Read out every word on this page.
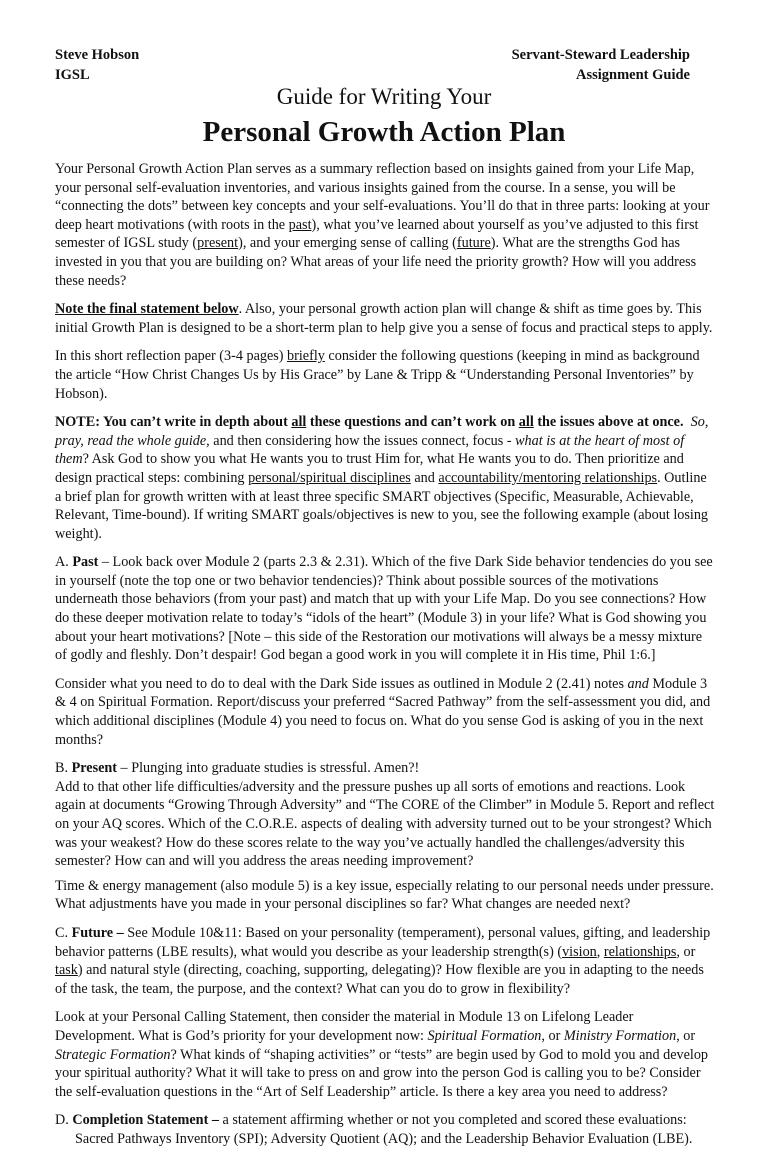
Steve Hobson
IGSL
Servant-Steward Leadership
Assignment Guide
Guide for Writing Your
Personal Growth Action Plan

Your Personal Growth Action Plan serves as a summary reflection based on insights gained from your Life Map, your personal self-evaluation inventories, and various insights gained from the course. In a sense, you will be “connecting the dots” between key concepts and your self-evaluations. You’ll do that in three parts: looking at your deep heart motivations (with roots in the past), what you’ve learned about yourself as you’ve adjusted to this first semester of IGSL study (present), and your emerging sense of calling (future). What are the strengths God has invested in you that you are building on? What areas of your life need the priority growth? How will you address these needs?

Note the final statement below. Also, your personal growth action plan will change & shift as time goes by. This initial Growth Plan is designed to be a short-term plan to help give you a sense of focus and practical steps to apply.

In this short reflection paper (3-4 pages) briefly consider the following questions (keeping in mind as background the article “How Christ Changes Us by His Grace” by Lane & Tripp & “Understanding Personal Inventories” by Hobson).

NOTE: You can’t write in depth about all these questions and can’t work on all the issues above at once. So, pray, read the whole guide, and then considering how the issues connect, focus - what is at the heart of most of them? Ask God to show you what He wants you to trust Him for, what He wants you to do. Then prioritize and design practical steps: combining personal/spiritual disciplines and accountability/mentoring relationships. Outline a brief plan for growth written with at least three specific SMART objectives (Specific, Measurable, Achievable, Relevant, Time-bound). If writing SMART goals/objectives is new to you, see the following example (about losing weight).

A. Past – Look back over Module 2 (parts 2.3 & 2.31). Which of the five Dark Side behavior tendencies do you see in yourself (note the top one or two behavior tendencies)? Think about possible sources of the motivations underneath those behaviors (from your past) and match that up with your Life Map. Do you see connections? How do these deeper motivation relate to today’s “idols of the heart” (Module 3) in your life? What is God showing you about your heart motivations? [Note – this side of the Restoration our motivations will always be a messy mixture of godly and fleshly. Don’t despair! God began a good work in you will complete it in His time, Phil 1:6.]

Consider what you need to do to deal with the Dark Side issues as outlined in Module 2 (2.41) notes and Module 3 & 4 on Spiritual Formation. Report/discuss your preferred “Sacred Pathway” from the self-assessment you did, and which additional disciplines (Module 4) you need to focus on. What do you sense God is asking of you in the next months?

B. Present – Plunging into graduate studies is stressful. Amen?!
Add to that other life difficulties/adversity and the pressure pushes up all sorts of emotions and reactions. Look again at documents “Growing Through Adversity” and “The CORE of the Climber” in Module 5. Report and reflect on your AQ scores. Which of the C.O.R.E. aspects of dealing with adversity turned out to be your strongest? Which was your weakest? How do these scores relate to the way you’ve actually handled the challenges/adversity this semester? How can and will you address the areas needing improvement?

Time & energy management (also module 5) is a key issue, especially relating to our personal needs under pressure. What adjustments have you made in your personal disciplines so far? What changes are needed next?

C. Future – See Module 10&11: Based on your personality (temperament), personal values, gifting, and leadership behavior patterns (LBE results), what would you describe as your leadership strength(s) (vision, relationships, or task) and natural style (directing, coaching, supporting, delegating)? How flexible are you in adapting to the needs of the task, the team, the purpose, and the context? What can you do to grow in flexibility?

Look at your Personal Calling Statement, then consider the material in Module 13 on Lifelong Leader Development. What is God’s priority for your development now: Spiritual Formation, or Ministry Formation, or Strategic Formation? What kinds of “shaping activities” or “tests” are begin used by God to mold you and develop your spiritual authority? What it will take to press on and grow into the person God is calling you to be? Consider the self-evaluation questions in the “Art of Self Leadership” article. Is there a key area you need to address?

D. Completion Statement – a statement affirming whether or not you completed and scored these evaluations:
Sacred Pathways Inventory (SPI); Adversity Quotient (AQ); and the Leadership Behavior Evaluation (LBE).
